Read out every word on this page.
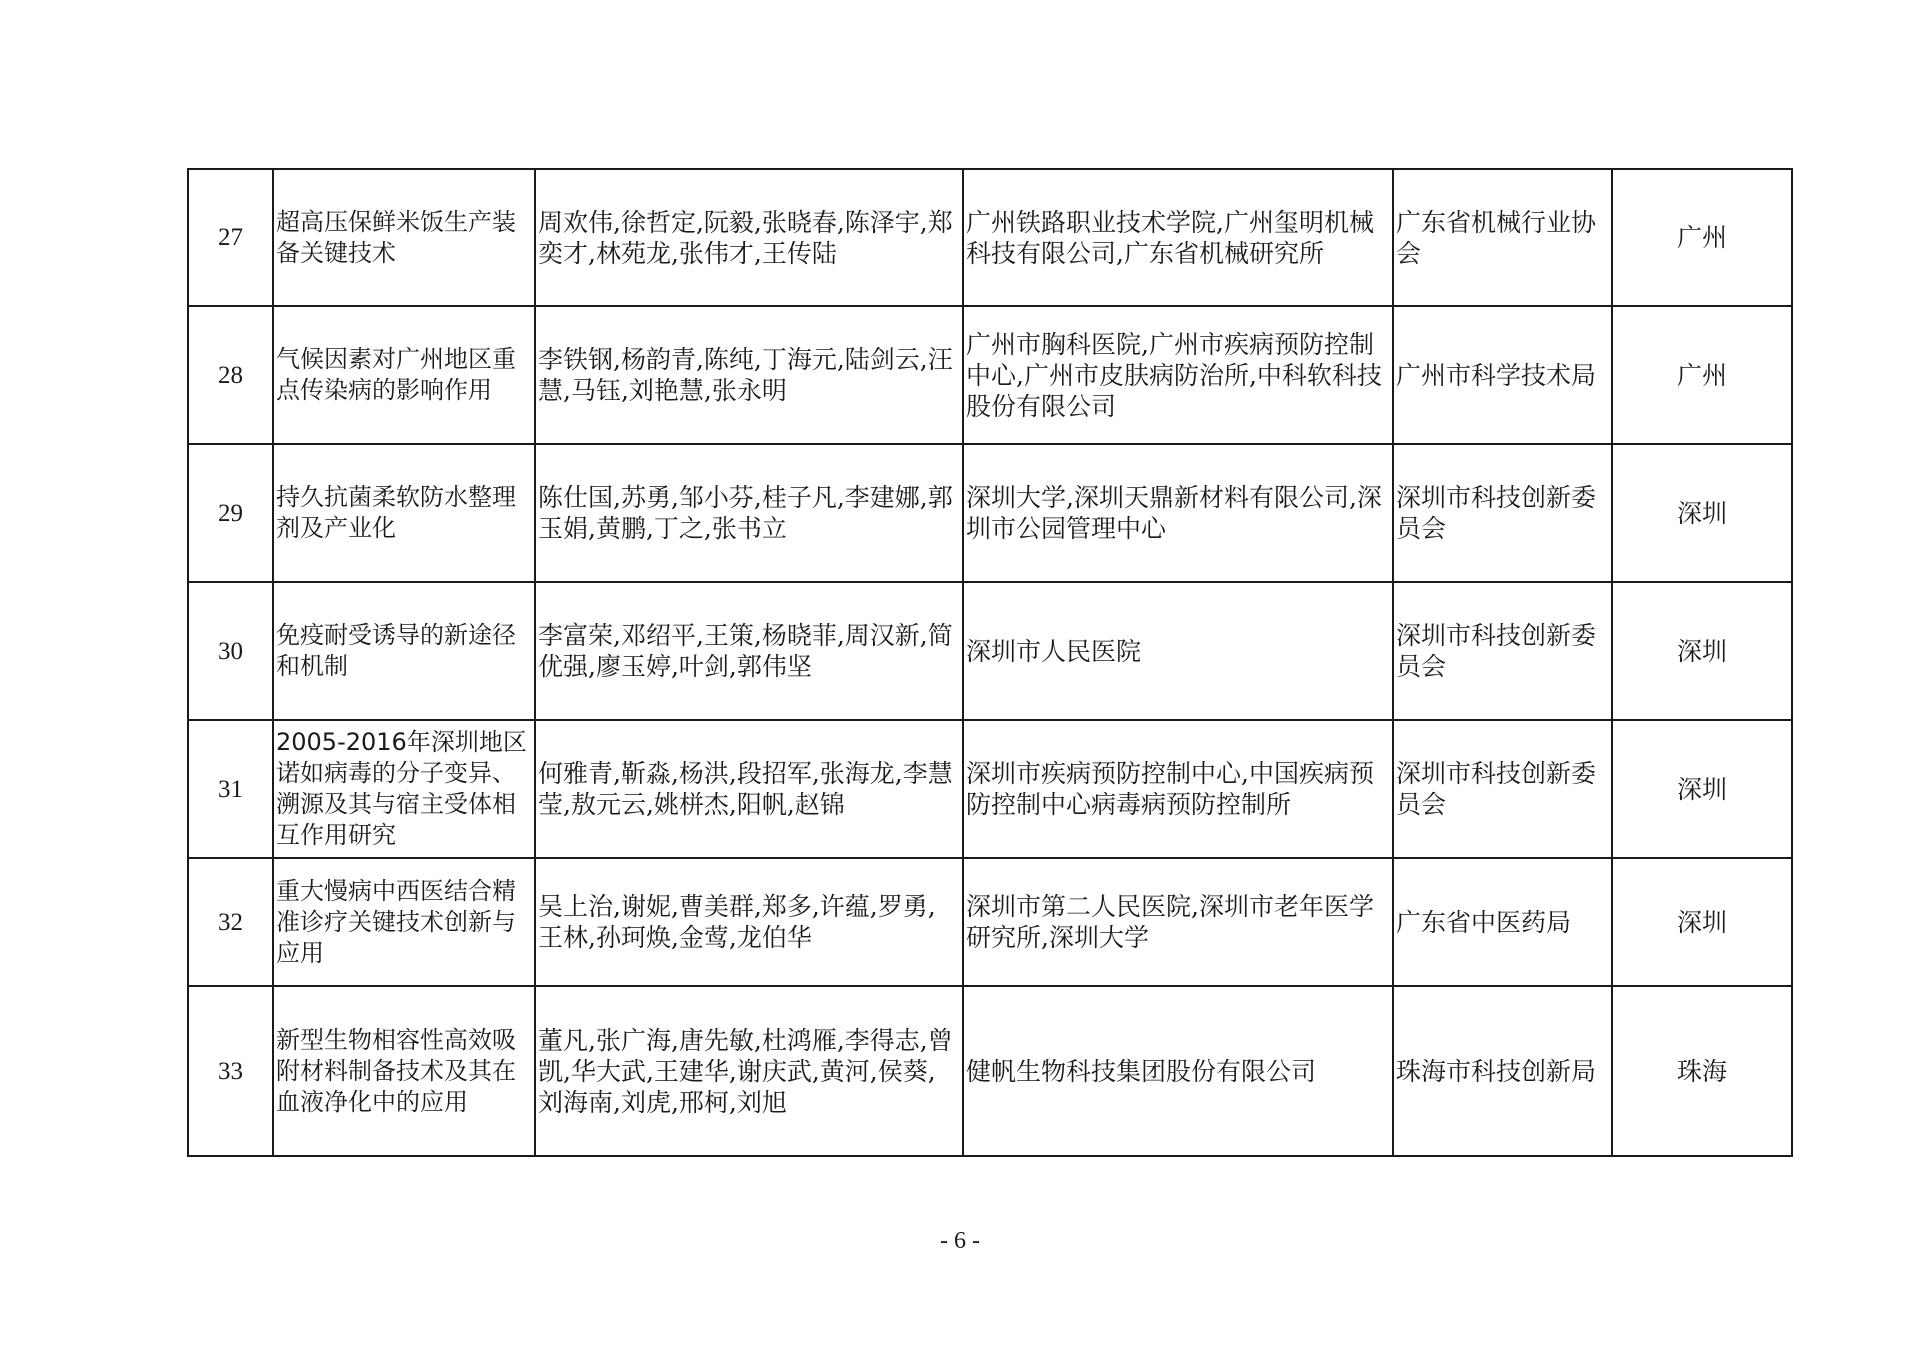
27	超高压保鲜米饭生产装备关键技术	周欢伟,徐哲定,阮毅,张晓春,陈泽宇,郑奕才,林苑龙,张伟才,王传陆	广州铁路职业技术学院,广州玺明机械科技有限公司,广东省机械研究所	广东省机械行业协会	广州
28	气候因素对广州地区重点传染病的影响作用	李铁钢,杨韵青,陈纯,丁海元,陆剑云,汪慧,马钰,刘艳慧,张永明	广州市胸科医院,广州市疾病预防控制中心,广州市皮肤病防治所,中科软科技股份有限公司	广州市科学技术局	广州
29	持久抗菌柔软防水整理剂及产业化	陈仕国,苏勇,邹小芬,桂子凡,李建娜,郭玉娟,黄鹏,丁之,张书立	深圳大学,深圳天鼎新材料有限公司,深圳市公园管理中心	深圳市科技创新委员会	深圳
30	免疫耐受诱导的新途径和机制	李富荣,邓绍平,王策,杨晓菲,周汉新,简优强,廖玉婷,叶剑,郭伟坚	深圳市人民医院	深圳市科技创新委员会	深圳
31	2005-2016年深圳地区诺如病毒的分子变异、溯源及其与宿主受体相互作用研究	何雅青,靳淼,杨洪,段招军,张海龙,李慧莹,敖元云,姚栟杰,阳帆,赵锦	深圳市疾病预防控制中心,中国疾病预防控制中心病毒病预防控制所	深圳市科技创新委员会	深圳
32	重大慢病中西医结合精准诊疗关键技术创新与应用	吴上治,谢妮,曹美群,郑多,许蕴,罗勇,王林,孙珂焕,金莺,龙伯华	深圳市第二人民医院,深圳市老年医学研究所,深圳大学	广东省中医药局	深圳
33	新型生物相容性高效吸附材料制备技术及其在血液净化中的应用	董凡,张广海,唐先敏,杜鸿雁,李得志,曾凯,华大武,王建华,谢庆武,黄河,侯葵,刘海南,刘虎,邢柯,刘旭	健帆生物科技集团股份有限公司	珠海市科技创新局	珠海
- 6 -
